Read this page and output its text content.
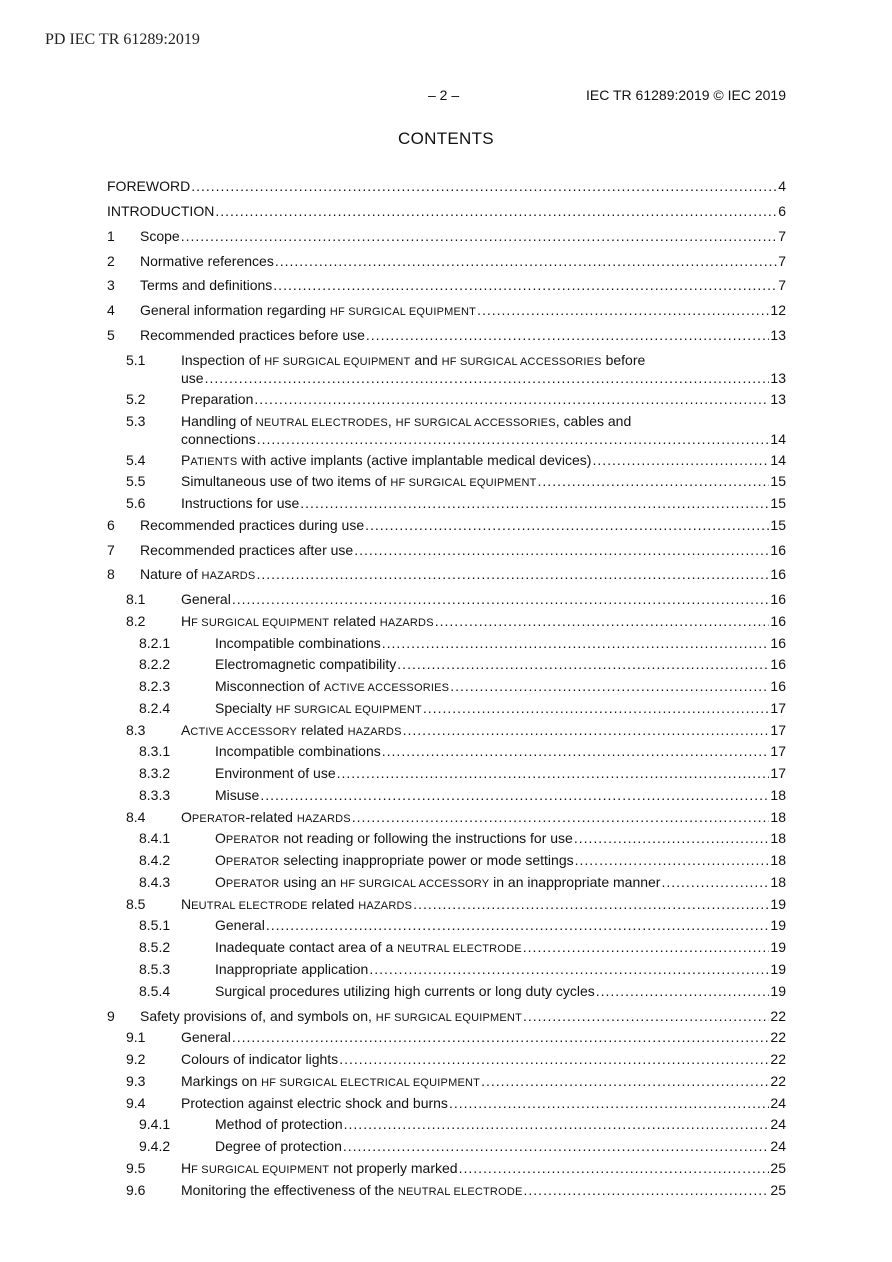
PD IEC TR 61289:2019
– 2 –	IEC TR 61289:2019 © IEC 2019
CONTENTS
FOREWORD .....	4
INTRODUCTION .....	6
1 Scope .....	7
2 Normative references .....	7
3 Terms and definitions .....	7
4 General information regarding HF SURGICAL EQUIPMENT .....	12
5 Recommended practices before use .....	13
5.1	Inspection of HF SURGICAL EQUIPMENT and HF SURGICAL ACCESSORIES before
use .....	13
5.2	Preparation .....	13
5.3	Handling of NEUTRAL ELECTRODES, HF SURGICAL ACCESSORIES, cables and
connections .....	14
5.4	PATIENTS with active implants (active implantable medical devices) .....	14
5.5	Simultaneous use of two items of HF SURGICAL EQUIPMENT .....	15
5.6	Instructions for use .....	15
6 Recommended practices during use .....	15
7 Recommended practices after use .....	16
8 Nature of HAZARDS .....	16
8.1	General .....	16
8.2	HF SURGICAL EQUIPMENT related HAZARDS .....	16
8.2.1	Incompatible combinations .....	16
8.2.2	Electromagnetic compatibility .....	16
8.2.3	Misconnection of ACTIVE ACCESSORIES .....	16
8.2.4	Specialty HF SURGICAL EQUIPMENT .....	17
8.3	ACTIVE ACCESSORY related HAZARDS .....	17
8.3.1	Incompatible combinations .....	17
8.3.2	Environment of use .....	17
8.3.3	Misuse .....	18
8.4	OPERATOR-related HAZARDS .....	18
8.4.1	OPERATOR not reading or following the instructions for use .....	18
8.4.2	OPERATOR selecting inappropriate power or mode settings .....	18
8.4.3	OPERATOR using an HF SURGICAL ACCESSORY in an inappropriate manner .....	18
8.5	NEUTRAL ELECTRODE related HAZARDS .....	19
8.5.1	General .....	19
8.5.2	Inadequate contact area of a NEUTRAL ELECTRODE .....	19
8.5.3	Inappropriate application .....	19
8.5.4	Surgical procedures utilizing high currents or long duty cycles .....	19
9 Safety provisions of, and symbols on, HF SURGICAL EQUIPMENT .....	22
9.1	General .....	22
9.2	Colours of indicator lights .....	22
9.3	Markings on HF SURGICAL ELECTRICAL EQUIPMENT .....	22
9.4	Protection against electric shock and burns .....	24
9.4.1	Method of protection .....	24
9.4.2	Degree of protection .....	24
9.5	HF SURGICAL EQUIPMENT not properly marked .....	25
9.6	Monitoring the effectiveness of the NEUTRAL ELECTRODE .....	25
